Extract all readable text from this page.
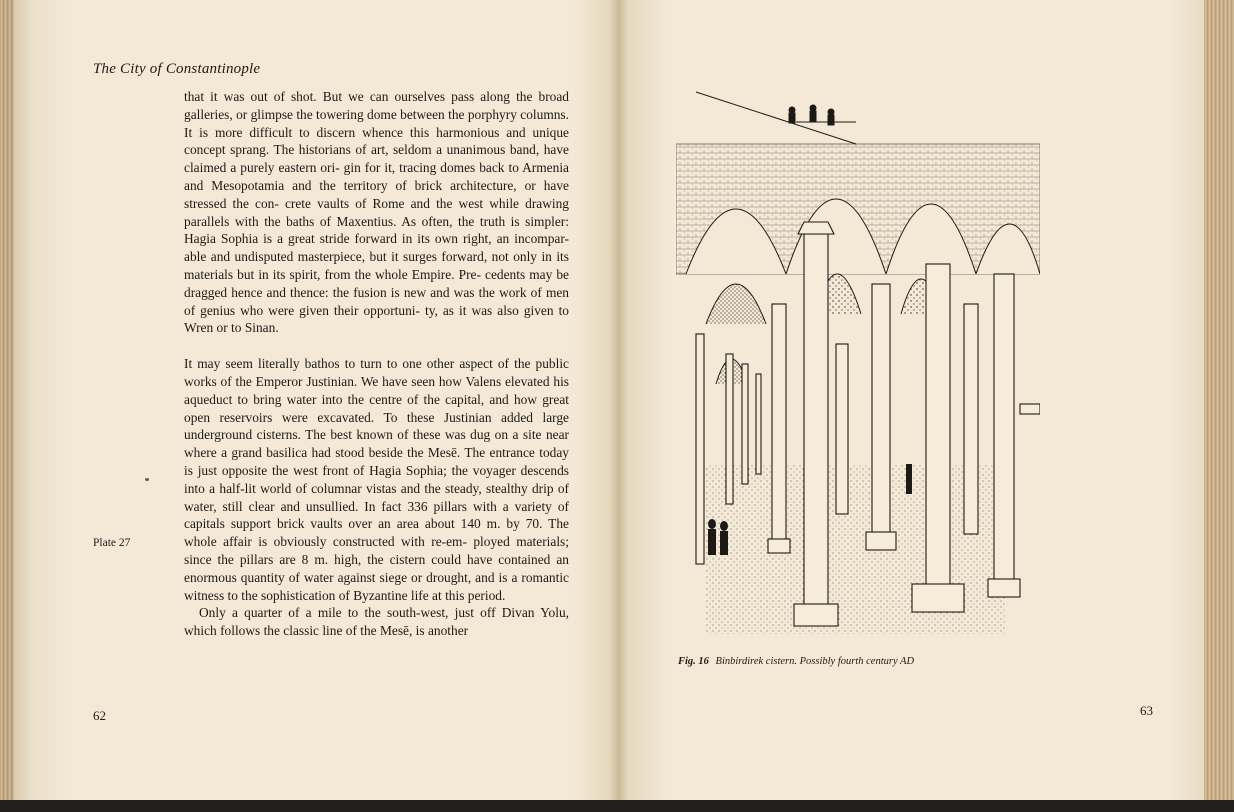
The City of Constantinople

that it was out of shot. But we can ourselves pass along the broad galleries, or glimpse the towering dome between the porphyry columns. It is more difficult to discern whence this harmonious and unique concept sprang. The historians of art, seldom a unanimous band, have claimed a purely eastern ori- gin for it, tracing domes back to Armenia and Mesopotamia and the territory of brick architecture, or have stressed the con- crete vaults of Rome and the west while drawing parallels with the baths of Maxentius. As often, the truth is simpler: Hagia Sophia is a great stride forward in its own right, an incompar- able and undisputed masterpiece, but it surges forward, not only in its materials but in its spirit, from the whole Empire. Pre- cedents may be dragged hence and thence: the fusion is new and was the work of men of genius who were given their opportuni- ty, as it was also given to Wren or to Sinan.

It may seem literally bathos to turn to one other aspect of the public works of the Emperor Justinian. We have seen how Valens elevated his aqueduct to bring water into the centre of the capital, and how great open reservoirs were excavated. To these Justinian added large underground cisterns. The best known of these was dug on a site near where a grand basilica had stood beside the Mesē. The entrance today is just opposite the west front of Hagia Sophia; the voyager descends into a half-lit world of columnar vistas and the steady, stealthy drip of water, still clear and unsullied. In fact 336 pillars with a variety of capitals support brick vaults over an area about 140 m. by 70. The whole affair is obviously constructed with re-em- ployed materials; since the pillars are 8 m. high, the cistern could have contained an enormous quantity of water against siege or drought, and is a romantic witness to the sophistication of Byzantine life at this period.

Only a quarter of a mile to the south-west, just off Divan Yolu, which follows the classic line of the Mesē, is another

Plate 27
62
Fig. 16 Binbirdirek cistern. Possibly fourth century AD
63
